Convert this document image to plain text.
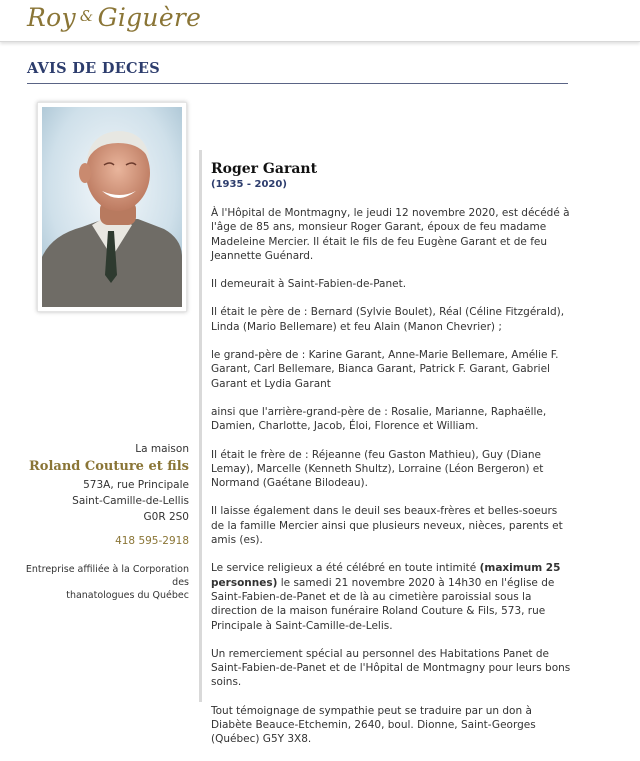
Roy & Giguère
AVIS DE DECES
La maison
Roland Couture et fils
573A, rue Principale
Saint-Camille-de-Lellis
G0R 2S0
418 595-2918
Entreprise affiliée à la Corporation des
thanatologues du Québec
Roger Garant
(1935 - 2020)

À l'Hôpital de Montmagny, le jeudi 12 novembre 2020, est décédé à l'âge de 85 ans, monsieur Roger Garant, époux de feu madame Madeleine Mercier. Il était le fils de feu Eugène Garant et de feu Jeannette Guénard.

Il demeurait à Saint-Fabien-de-Panet.

Il était le père de : Bernard (Sylvie Boulet), Réal (Céline Fitzgérald), Linda (Mario Bellemare) et feu Alain (Manon Chevrier) ;

le grand-père de : Karine Garant, Anne-Marie Bellemare, Amélie F. Garant, Carl Bellemare, Bianca Garant, Patrick F. Garant, Gabriel Garant et Lydia Garant

ainsi que l'arrière-grand-père de : Rosalie, Marianne, Raphaëlle, Damien, Charlotte, Jacob, Éloi, Florence et William.

Il était le frère de : Réjeanne (feu Gaston Mathieu), Guy (Diane Lemay), Marcelle (Kenneth Shultz), Lorraine (Léon Bergeron) et Normand (Gaétane Bilodeau).

Il laisse également dans le deuil ses beaux-frères et belles-soeurs de la famille Mercier ainsi que plusieurs neveux, nièces, parents et amis (es).

Le service religieux a été célébré en toute intimité (maximum 25 personnes) le samedi 21 novembre 2020 à 14h30 en l'église de Saint-Fabien-de-Panet et de là au cimetière paroissial sous la direction de la maison funéraire Roland Couture & Fils, 573, rue Principale à Saint-Camille-de-Lelis.

Un remerciement spécial au personnel des Habitations Panet de Saint-Fabien-de-Panet et de l'Hôpital de Montmagny pour leurs bons soins.

Tout témoignage de sympathie peut se traduire par un don à Diabète Beauce-Etchemin, 2640, boul. Dionne, Saint-Georges (Québec) G5Y 3X8.
